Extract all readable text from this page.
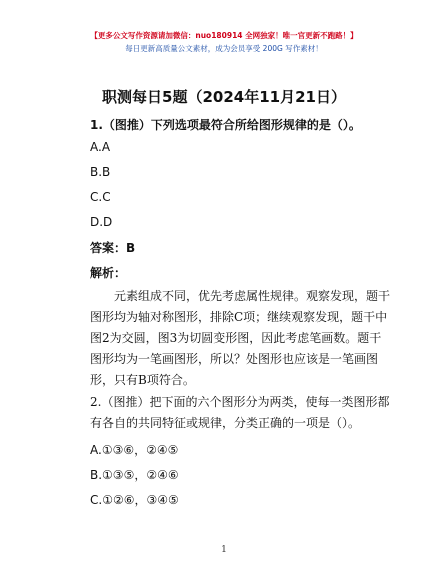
【更多公文写作资源请加微信：nuo180914 全网独家！唯一官更新不跑路！】
每日更新高质量公文素材，成为会员享受 200G 写作素材！
职测每日5题（2024年11月21日）
1.（图推）下列选项最符合所给图形规律的是（）。
A.A
B.B
C.C
D.D
答案：B
解析：
元素组成不同，优先考虑属性规律。观察发现，题干图形均为轴对称图形，排除C项；继续观察发现，题干中图2为交圆，图3为切圆变形图，因此考虑笔画数。题干图形均为一笔画图形，所以？处图形也应该是一笔画图形，只有B项符合。
2.（图推）把下面的六个图形分为两类，使每一类图形都有各自的共同特征或规律，分类正确的一项是（）。
A.①③⑥，②④⑤
B.①③⑤，②④⑥
C.①②⑥，③④⑤
1
